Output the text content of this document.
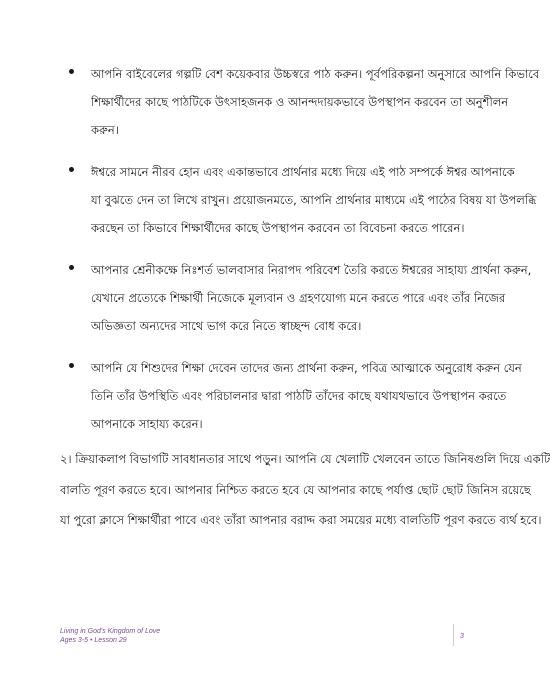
আপনি বাইবেলের গল্পটি বেশ কয়েকবার উচ্চস্বরে পাঠ করুন। পূর্বপরিকল্পনা অনুসারে আপনি কিভাবে
শিক্ষার্থীদের কাছে পাঠটিকে উৎসাহজনক ও আনন্দদায়কভাবে উপস্থাপন করবেন তা অনুশীলন
করুন।
ঈশ্বরে সামনে নীরব হোন এবং একান্তভাবে প্রার্থনার মধ্যে দিয়ে এই পাঠ সম্পর্কে ঈশ্বর আপনাকে
যা বুঝতে দেন তা লিখে রাখুন। প্রয়োজনমতে, আপনি প্রার্থনার মাধ্যমে এই পাঠের বিষয় যা উপলব্ধি
করছেন তা কিভাবে শিক্ষার্থীদের কাছে উপস্থাপন করবেন তা বিবেচনা করতে পারেন।
আপনার শ্রেনীকক্ষে নিঃশর্ত ভালবাসার নিরাপদ পরিবেশ তৈরি করতে ঈশ্বরের সাহায্য প্রার্থনা করুন,
যেখানে প্রত্যেকে শিক্ষার্থী নিজেকে মূল্যবান ও গ্রহণযোগ্য মনে করতে পারে এবং তাঁর নিজের
অভিজ্ঞতা অন্যদের সাথে ভাগ করে নিতে স্বাচ্ছন্দ বোধ করে।
আপনি যে শিশুদের শিক্ষা দেবেন তাদের জন্য প্রার্থনা করুন, পবিত্র আত্মাকে অনুরোধ করুন যেন
তিনি তাঁর উপস্থিতি এবং পরিচালনার দ্বারা পাঠটি তাঁদের কাছে যথাযথভাবে উপস্থাপন করতে
আপনাকে সাহায্য করেন।
২। ক্রিয়াকলাপ বিভাগটি সাবধানতার সাথে পড়ুন। আপনি যে খেলাটি খেলবেন তাতে জিনিষগুলি দিয়ে একটি
বালতি পূরণ করতে হবে। আপনার নিশ্চিত করতে হবে যে আপনার কাছে পর্যাপ্ত ছোট ছোট জিনিস রয়েছে
যা পুরো ক্লাসে শিক্ষার্থীরা পাবে এবং তাঁরা আপনার বরাদ্দ করা সময়ের মধ্যে বালতিটি পূরণ করতে ব্যর্থ হবে।
Living in God's Kingdom of Love
Ages 3-5 • Lesson 29
3
